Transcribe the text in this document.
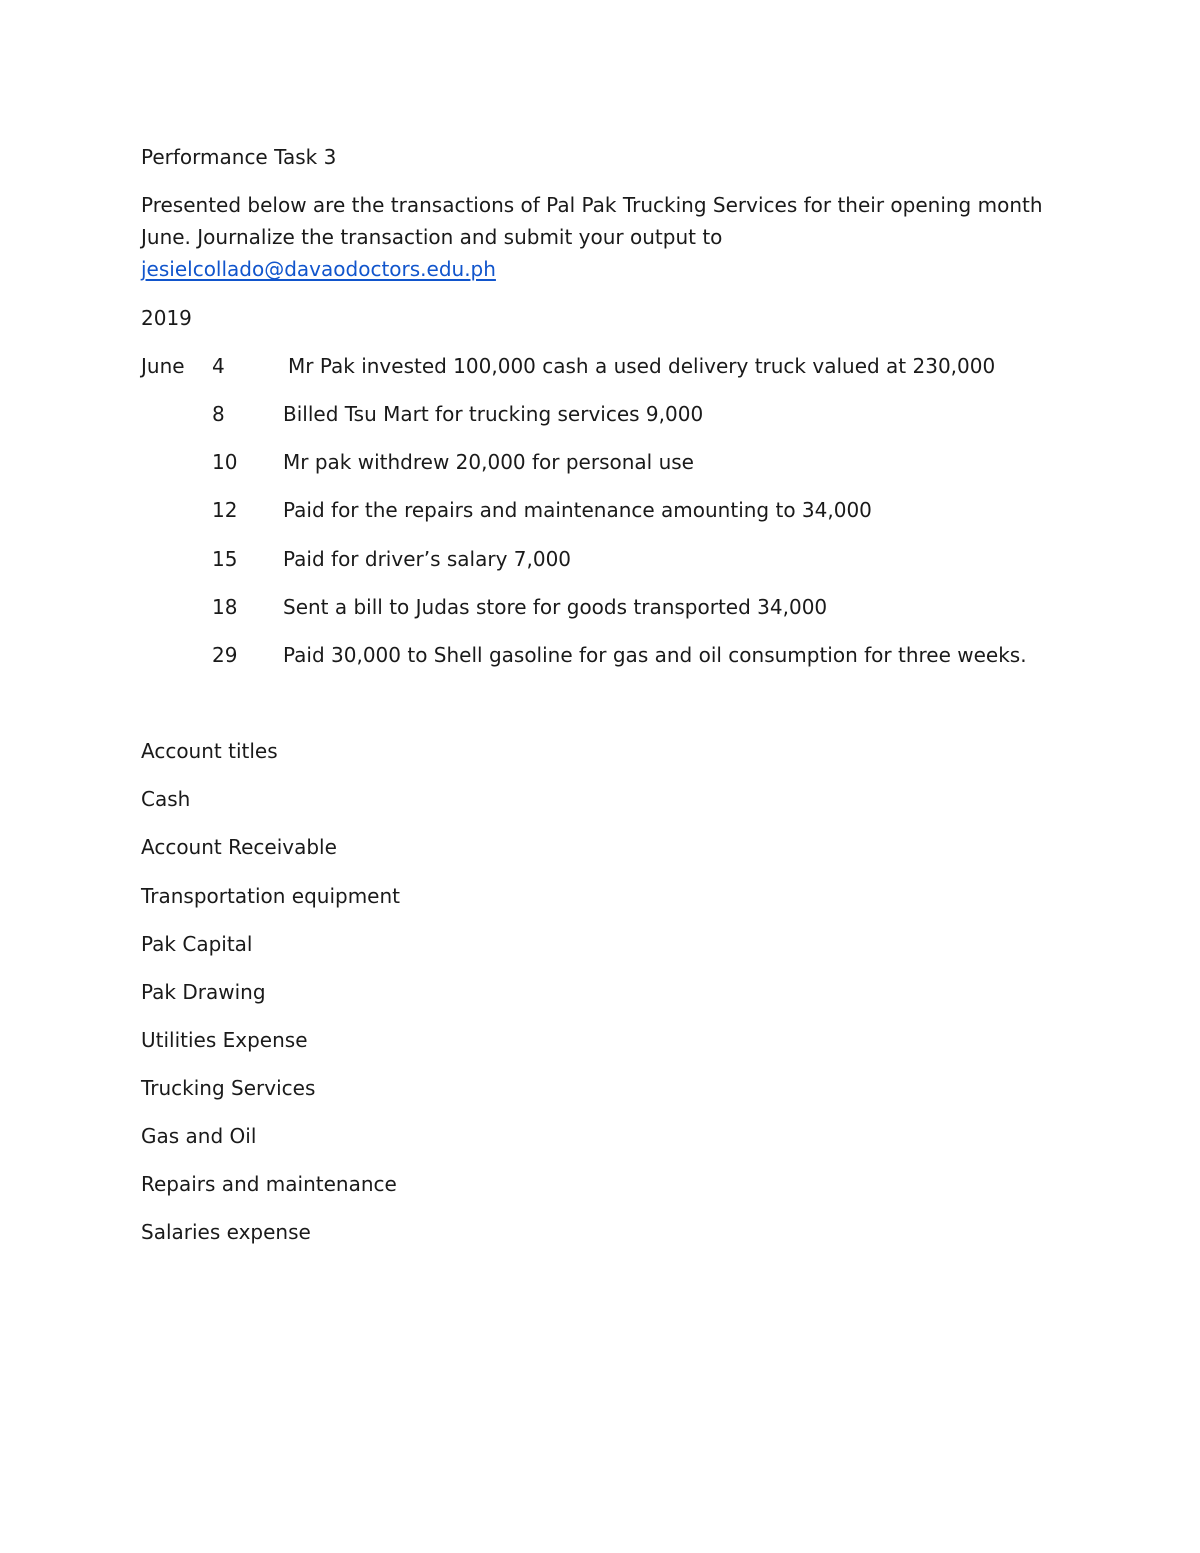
Performance Task 3
Presented below are the transactions of Pal Pak Trucking Services for their opening month
June. Journalize the transaction and submit your output to
jesielcollado@davaodoctors.edu.ph
2019
June 4	Mr Pak invested 100,000 cash a used delivery truck valued at 230,000
8	Billed Tsu Mart for trucking services 9,000
10 Mr pak withdrew 20,000 for personal use
12 Paid for the repairs and maintenance amounting to 34,000
15 Paid for driver’s salary 7,000
18 Sent a bill to Judas store for goods transported 34,000
29 Paid 30,000 to Shell gasoline for gas and oil consumption for three weeks.
Account titles
Cash
Account Receivable
Transportation equipment
Pak Capital
Pak Drawing
Utilities Expense
Trucking Services
Gas and Oil
Repairs and maintenance
Salaries expense
